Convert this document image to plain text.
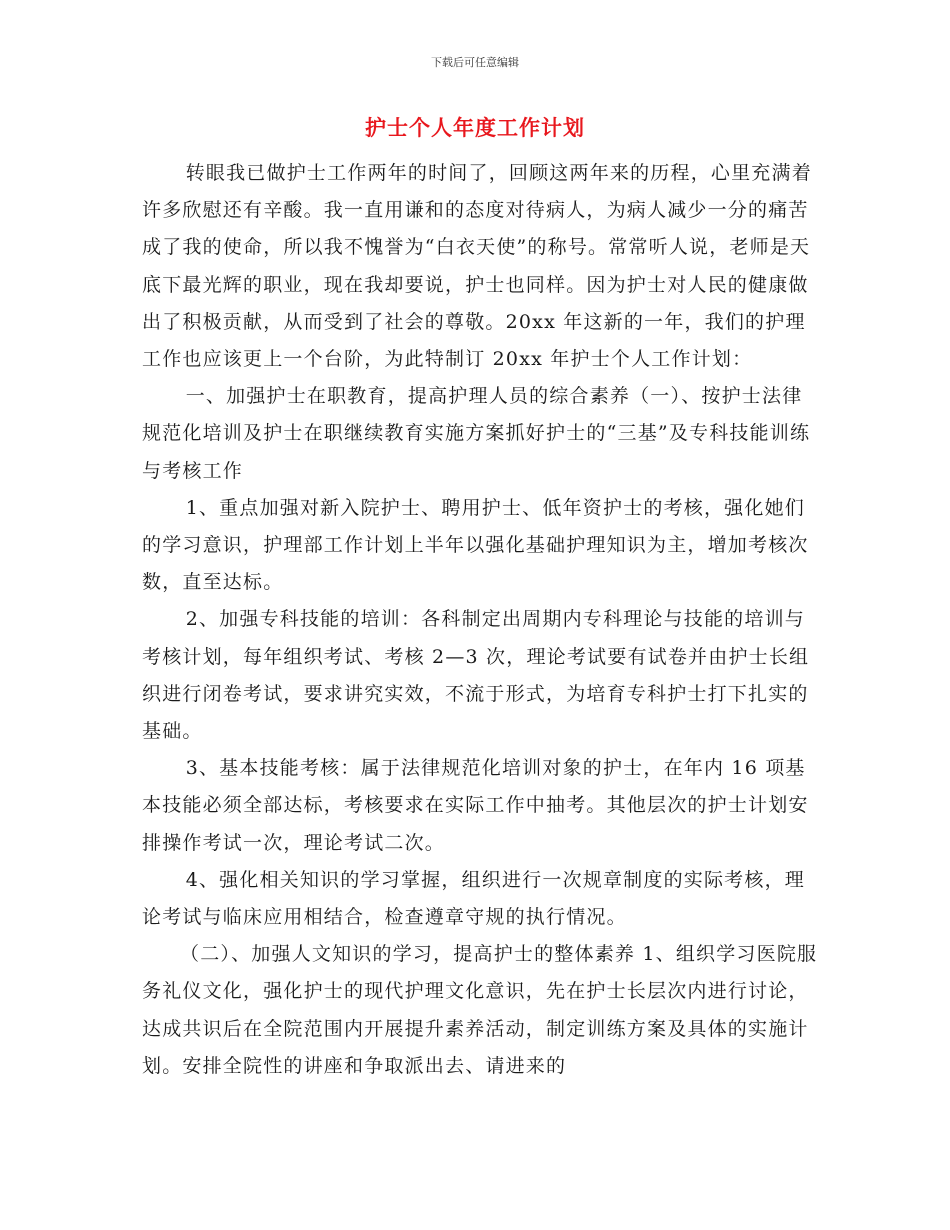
下载后可任意编辑
护士个人年度工作计划

转眼我已做护士工作两年的时间了，回顾这两年来的历程，心里充满着许多欣慰还有辛酸。我一直用谦和的态度对待病人，为病人减少一分的痛苦成了我的使命，所以我不愧誉为“白衣天使”的称号。常常听人说，老师是天底下最光辉的职业，现在我却要说，护士也同样。因为护士对人民的健康做出了积极贡献，从而受到了社会的尊敬。20xx 年这新的一年，我们的护理工作也应该更上一个台阶，为此特制订 20xx 年护士个人工作计划：

一、加强护士在职教育，提高护理人员的综合素养（一）、按护士法律规范化培训及护士在职继续教育实施方案抓好护士的“三基”及专科技能训练与考核工作

1、重点加强对新入院护士、聘用护士、低年资护士的考核，强化她们的学习意识，护理部工作计划上半年以强化基础护理知识为主，增加考核次数，直至达标。

2、加强专科技能的培训：各科制定出周期内专科理论与技能的培训与考核计划，每年组织考试、考核 2—3 次，理论考试要有试卷并由护士长组织进行闭卷考试，要求讲究实效，不流于形式，为培育专科护士打下扎实的基础。

3、基本技能考核：属于法律规范化培训对象的护士，在年内 16 项基本技能必须全部达标，考核要求在实际工作中抽考。其他层次的护士计划安排操作考试一次，理论考试二次。

4、强化相关知识的学习掌握，组织进行一次规章制度的实际考核，理论考试与临床应用相结合，检查遵章守规的执行情况。

（二）、加强人文知识的学习，提高护士的整体素养 1、组织学习医院服务礼仪文化，强化护士的现代护理文化意识，先在护士长层次内进行讨论，达成共识后在全院范围内开展提升素养活动，制定训练方案及具体的实施计划。安排全院性的讲座和争取派出去、请进来的
